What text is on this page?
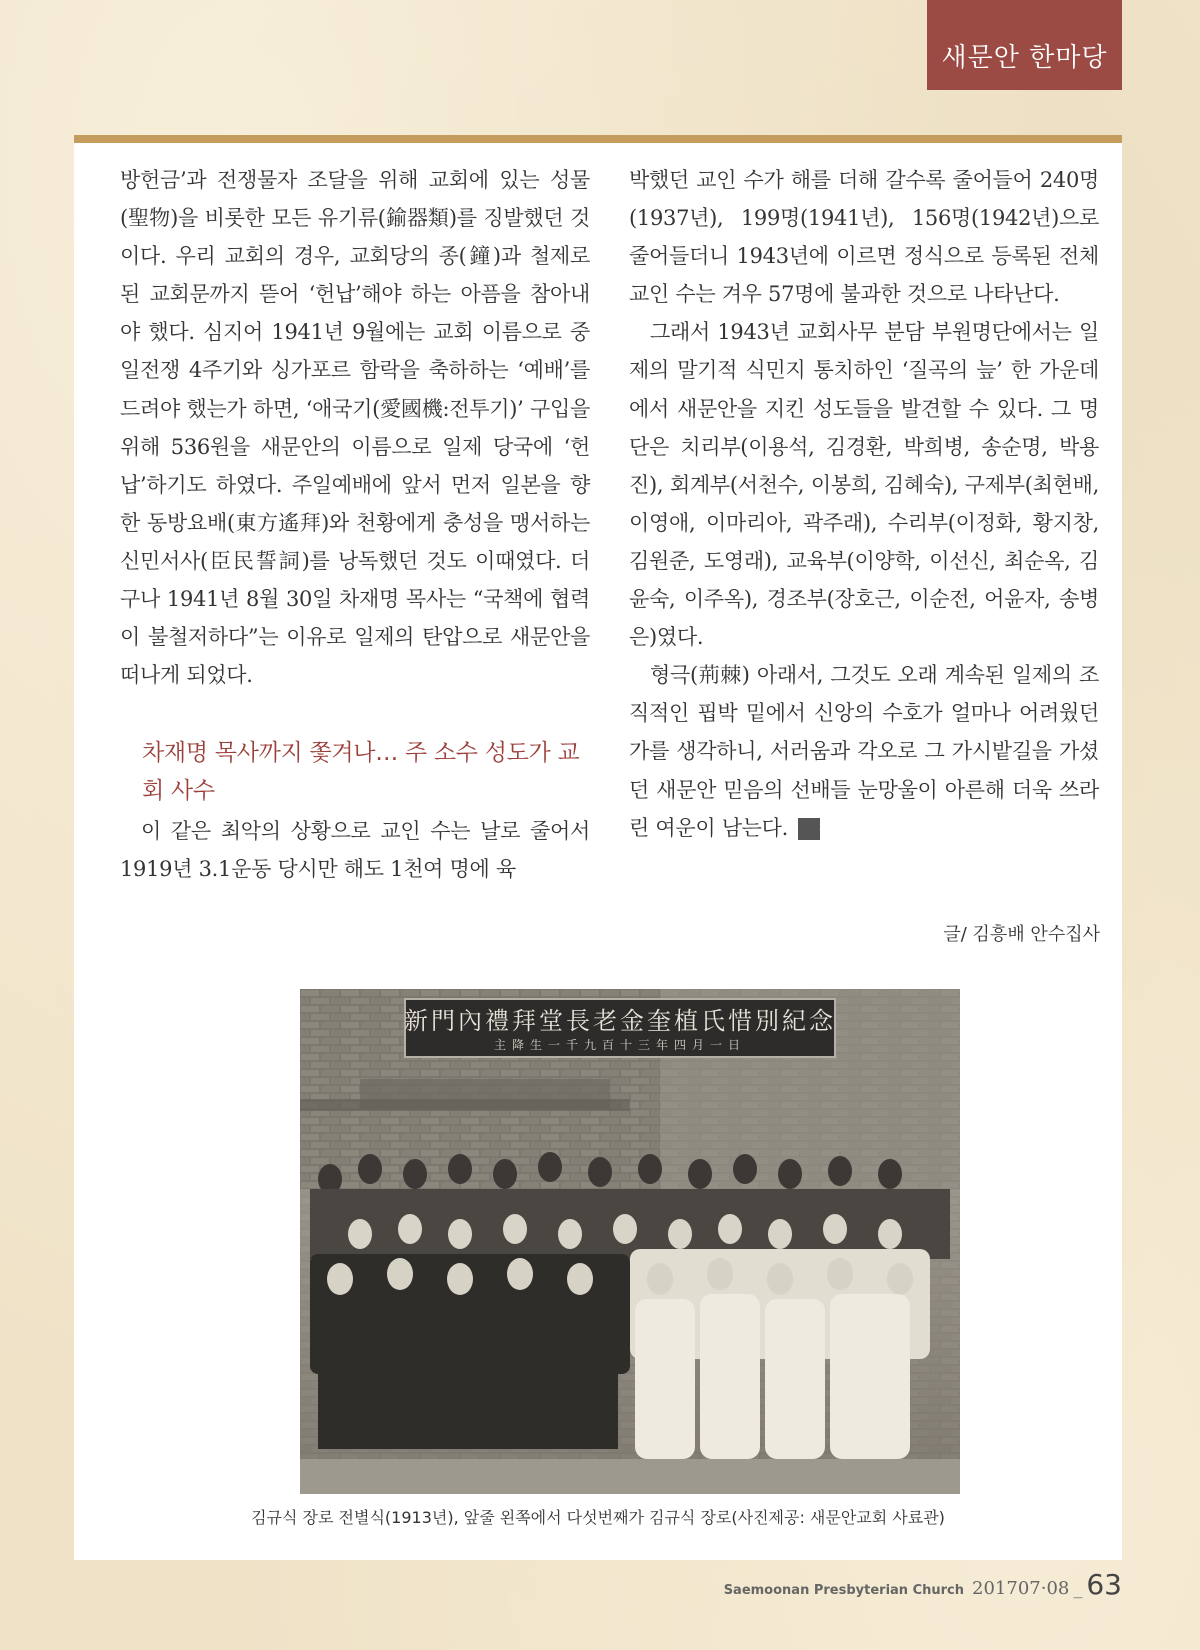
새문안 한마당

방헌금’과 전쟁물자 조달을 위해 교회에 있는 성물(聖物)을 비롯한 모든 유기류(鍮器類)를 징발했던 것이다. 우리 교회의 경우, 교회당의 종(鐘)과 철제로 된 교회문까지 뜯어 ‘헌납’해야 하는 아픔을 참아내야 했다. 심지어 1941년 9월에는 교회 이름으로 중일전쟁 4주기와 싱가포르 함락을 축하하는 ‘예배’를 드려야 했는가 하면, ‘애국기(愛國機:전투기)’ 구입을 위해 536원을 새문안의 이름으로 일제 당국에 ‘헌납’하기도 하였다. 주일예배에 앞서 먼저 일본을 향한 동방요배(東方遙拜)와 천황에게 충성을 맹서하는 신민서사(臣民誓詞)를 낭독했던 것도 이때였다. 더구나 1941년 8월 30일 차재명 목사는 “국책에 협력이 불철저하다”는 이유로 일제의 탄압으로 새문안을 떠나게 되었다.

차재명 목사까지 쫓겨나… 주 소수 성도가 교회 사수

이 같은 최악의 상황으로 교인 수는 날로 줄어서 1919년 3.1운동 당시만 해도 1천여 명에 육

박했던 교인 수가 해를 더해 갈수록 줄어들어 240명(1937년), 199명(1941년), 156명(1942년)으로 줄어들더니 1943년에 이르면 정식으로 등록된 전체 교인 수는 겨우 57명에 불과한 것으로 나타난다.

그래서 1943년 교회사무 분담 부원명단에서는 일제의 말기적 식민지 통치하인 ‘질곡의 늪’ 한 가운데에서 새문안을 지킨 성도들을 발견할 수 있다. 그 명단은 치리부(이용석, 김경환, 박희병, 송순명, 박용진), 회계부(서천수, 이봉희, 김혜숙), 구제부(최현배, 이영애, 이마리아, 곽주래), 수리부(이정화, 황지창, 김원준, 도영래), 교육부(이양학, 이선신, 최순옥, 김윤숙, 이주옥), 경조부(장호근, 이순전, 어윤자, 송병은)였다.

형극(荊棘) 아래서, 그것도 오래 계속된 일제의 조직적인 핍박 밑에서 신앙의 수호가 얼마나 어려웠던가를 생각하니, 서러움과 각오로 그 가시밭길을 가셨던 새문안 믿음의 선배들 눈망울이 아른해 더욱 쓰라린 여운이 남는다. 새

글/ 김흥배 안수집사
新門內禮拜堂長老金奎植氏惜別紀念
主降生一千九百十三年四月一日
김규식 장로 전별식(1913년), 앞줄 왼쪽에서 다섯번째가 김규식 장로(사진제공: 새문안교회 사료관)
Saemoonan Presbyterian Church 201707·08 _ 63
